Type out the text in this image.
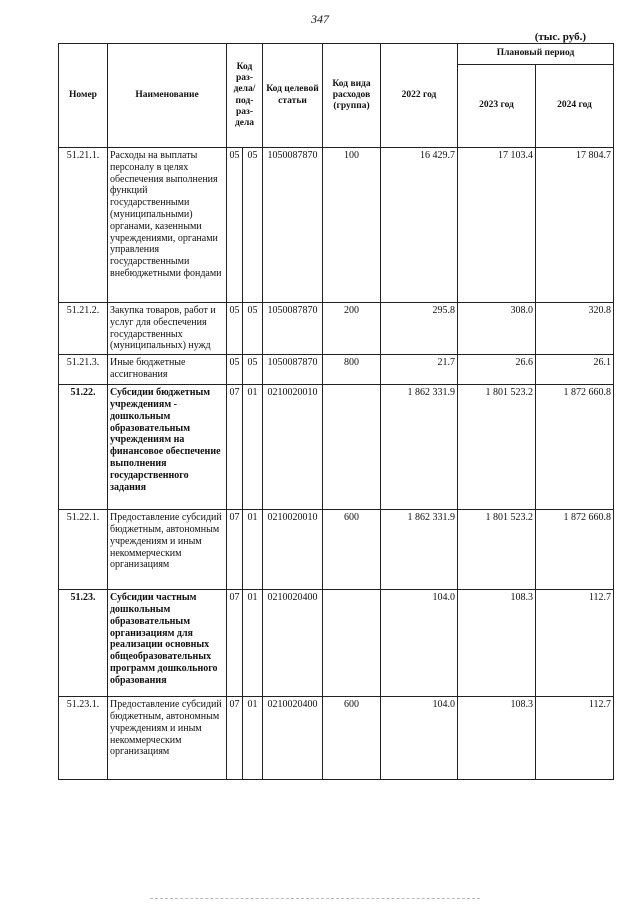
347
(тыс. руб.)
Номер	Наименование	Код раз-дела/ под-раз-дела		Код целевой статьи	Код вида расходов (группа)	2022 год	Плановый период	
							2023 год	2024 год
51.21.1.	Расходы на выплаты персоналу в целях обеспечения выполнения функций государственными (муниципальными) органами, казенными учреждениями, органами управления государственными внебюджетными фондами	05	05	1050087870	100	16 429.7	17 103.4	17 804.7
51.21.2.	Закупка товаров, работ и услуг для обеспечения государственных (муниципальных) нужд	05	05	1050087870	200	295.8	308.0	320.8
51.21.3.	Иные бюджетные ассигнования	05	05	1050087870	800	21.7	26.6	26.1
51.22.	Субсидии бюджетным учреждениям - дошкольным образовательным учреждениям на финансовое обеспечение выполнения государственного задания	07	01	0210020010		1 862 331.9	1 801 523.2	1 872 660.8
51.22.1.	Предоставление субсидий бюджетным, автономным учреждениям и иным некоммерческим организациям	07	01	0210020010	600	1 862 331.9	1 801 523.2	1 872 660.8
51.23.	Субсидии частным дошкольным образовательным организациям для реализации основных общеобразовательных программ дошкольного образования	07	01	0210020400		104.0	108.3	112.7
51.23.1.	Предоставление субсидий бюджетным, автономным учреждениям и иным некоммерческим организациям	07	01	0210020400	600	104.0	108.3	112.7
